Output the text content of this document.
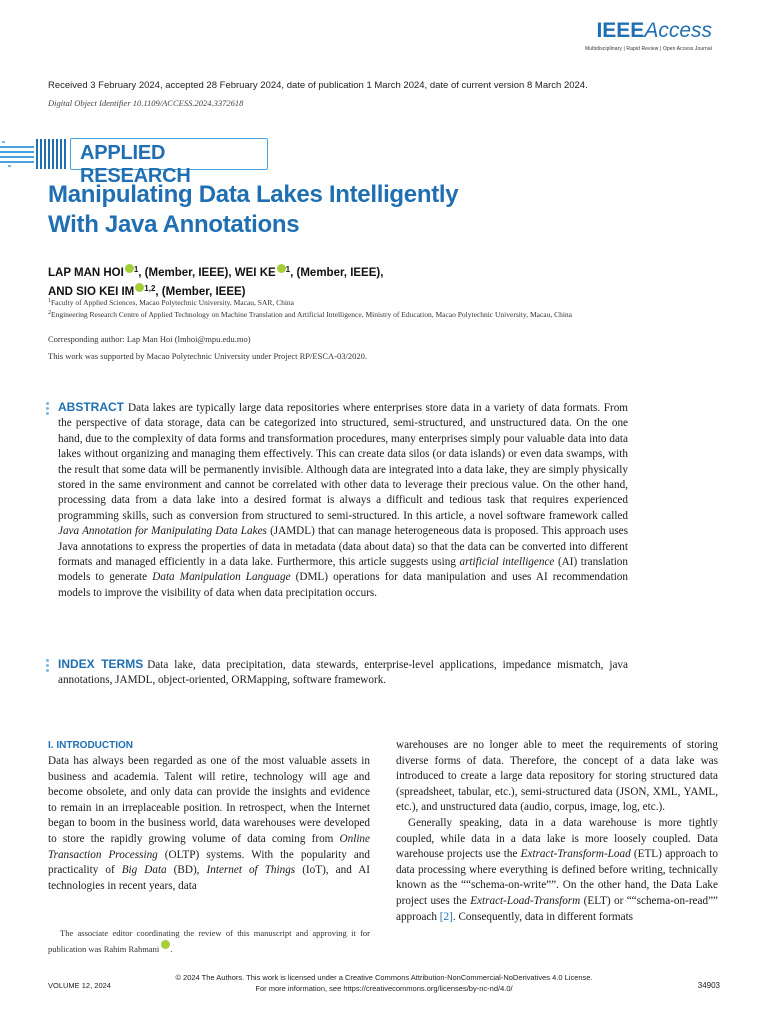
IEEEAccess
Multidisciplinary | Rapid Review | Open Access Journal
Received 3 February 2024, accepted 28 February 2024, date of publication 1 March 2024, date of current version 8 March 2024.
Digital Object Identifier 10.1109/ACCESS.2024.3372618
APPLIED RESEARCH
Manipulating Data Lakes Intelligently
With Java Annotations
LAP MAN HOI $^1$, (Member, IEEE), WEI KE $^1$, (Member, IEEE),
AND SIO KEI IM $^{1,2}$, (Member, IEEE)

$^1$Faculty of Applied Sciences, Macao Polytechnic University, Macau, SAR, China

$^2$Engineering Research Centre of Applied Technology on Machine Translation and Artificial Intelligence, Ministry of Education, Macao Polytechnic University, Macau, China

Corresponding author: Lap Man Hoi (lmhoi@mpu.edu.mo)
This work was supported by Macao Polytechnic University under Project RP/ESCA-03/2020.
ABSTRACT Data lakes are typically large data repositories where enterprises store data in a variety of data formats. From the perspective of data storage, data can be categorized into structured, semi-structured, and unstructured data. On the one hand, due to the complexity of data forms and transformation procedures, many enterprises simply pour valuable data into data lakes without organizing and managing them effectively. This can create data silos (or data islands) or even data swamps, with the result that some data will be permanently invisible. Although data are integrated into a data lake, they are simply physically stored in the same environment and cannot be correlated with other data to leverage their precious value. On the other hand, processing data from a data lake into a desired format is always a difficult and tedious task that requires experienced programming skills, such as conversion from structured to semi-structured. In this article, a novel software framework called Java Annotation for Manipulating Data Lakes (JAMDL) that can manage heterogeneous data is proposed. This approach uses Java annotations to express the properties of data in metadata (data about data) so that the data can be converted into different formats and managed efficiently in a data lake. Furthermore, this article suggests using artificial intelligence (AI) translation models to generate Data Manipulation Language (DML) operations for data manipulation and uses AI recommendation models to improve the visibility of data when data precipitation occurs.
INDEX TERMS Data lake, data precipitation, data stewards, enterprise-level applications, impedance mismatch, java annotations, JAMDL, object-oriented, ORMapping, software framework.
I. INTRODUCTION

Data has always been regarded as one of the most valuable assets in business and academia. Talent will retire, technology will age and become obsolete, and only data can provide the insights and evidence to remain in an irreplaceable position. In retrospect, when the Internet began to boom in the business world, data warehouses were developed to store the rapidly growing volume of data coming from Online Transaction Processing (OLTP) systems. With the popularity and practicality of Big Data (BD), Internet of Things (IoT), and AI technologies in recent years, data

warehouses are no longer able to meet the requirements of storing diverse forms of data. Therefore, the concept of a data lake was introduced to create a large data repository for storing structured data (spreadsheet, tabular, etc.), semi-structured data (JSON, XML, YAML, etc.), and unstructured data (audio, corpus, image, log, etc.).

Generally speaking, data in a data warehouse is more tightly coupled, while data in a data lake is more loosely coupled. Data warehouse projects use the Extract-Transform-Load (ETL) approach to data processing where everything is defined before writing, technically known as the ““schema-on-write””. On the other hand, the Data Lake project uses the Extract-Load-Transform (ELT) or ““schema-on-read”” approach [2]. Consequently, data in different formats

The associate editor coordinating the review of this manuscript and approving it for publication was Rahim Rahmani .
© 2024 The Authors. This work is licensed under a Creative Commons Attribution-NonCommercial-NoDerivatives 4.0 License.
For more information, see https://creativecommons.org/licenses/by-nc-nd/4.0/
VOLUME 12, 2024	34903
